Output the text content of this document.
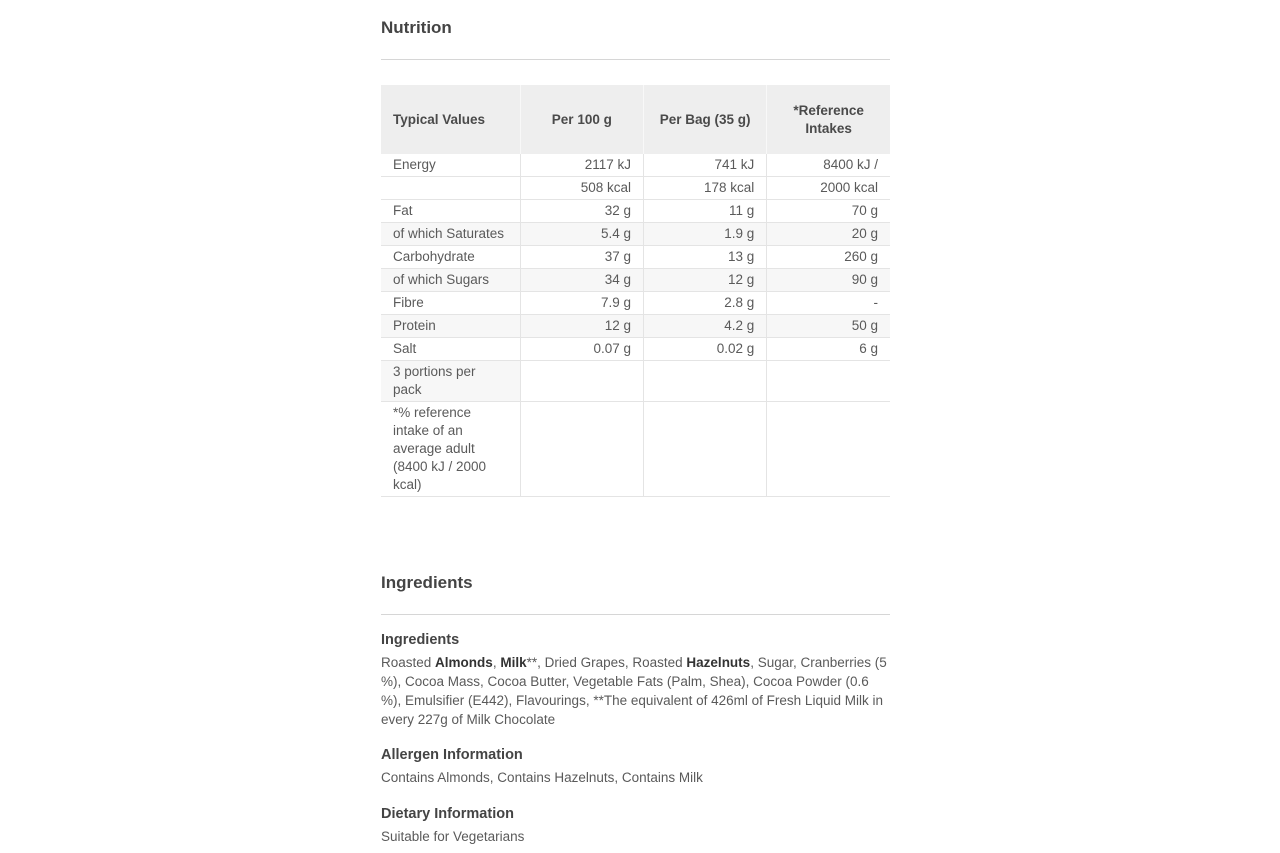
Nutrition
Typical Values	Per 100 g	Per Bag (35 g)	*Reference Intakes
Energy	2117 kJ	741 kJ	8400 kJ /
	508 kcal	178 kcal	2000 kcal
Fat	32 g	11 g	70 g
of which Saturates	5.4 g	1.9 g	20 g
Carbohydrate	37 g	13 g	260 g
of which Sugars	34 g	12 g	90 g
Fibre	7.9 g	2.8 g	-
Protein	12 g	4.2 g	50 g
Salt	0.07 g	0.02 g	6 g
3 portions per pack			
*% reference intake of an average adult (8400 kJ / 2000 kcal)			
Ingredients
Ingredients
Roasted Almonds, Milk**, Dried Grapes, Roasted Hazelnuts, Sugar, Cranberries (5 %), Cocoa Mass, Cocoa Butter, Vegetable Fats (Palm, Shea), Cocoa Powder (0.6 %), Emulsifier (E442), Flavourings, **The equivalent of 426ml of Fresh Liquid Milk in every 227g of Milk Chocolate
Allergen Information
Contains Almonds, Contains Hazelnuts, Contains Milk
Dietary Information
Suitable for Vegetarians
